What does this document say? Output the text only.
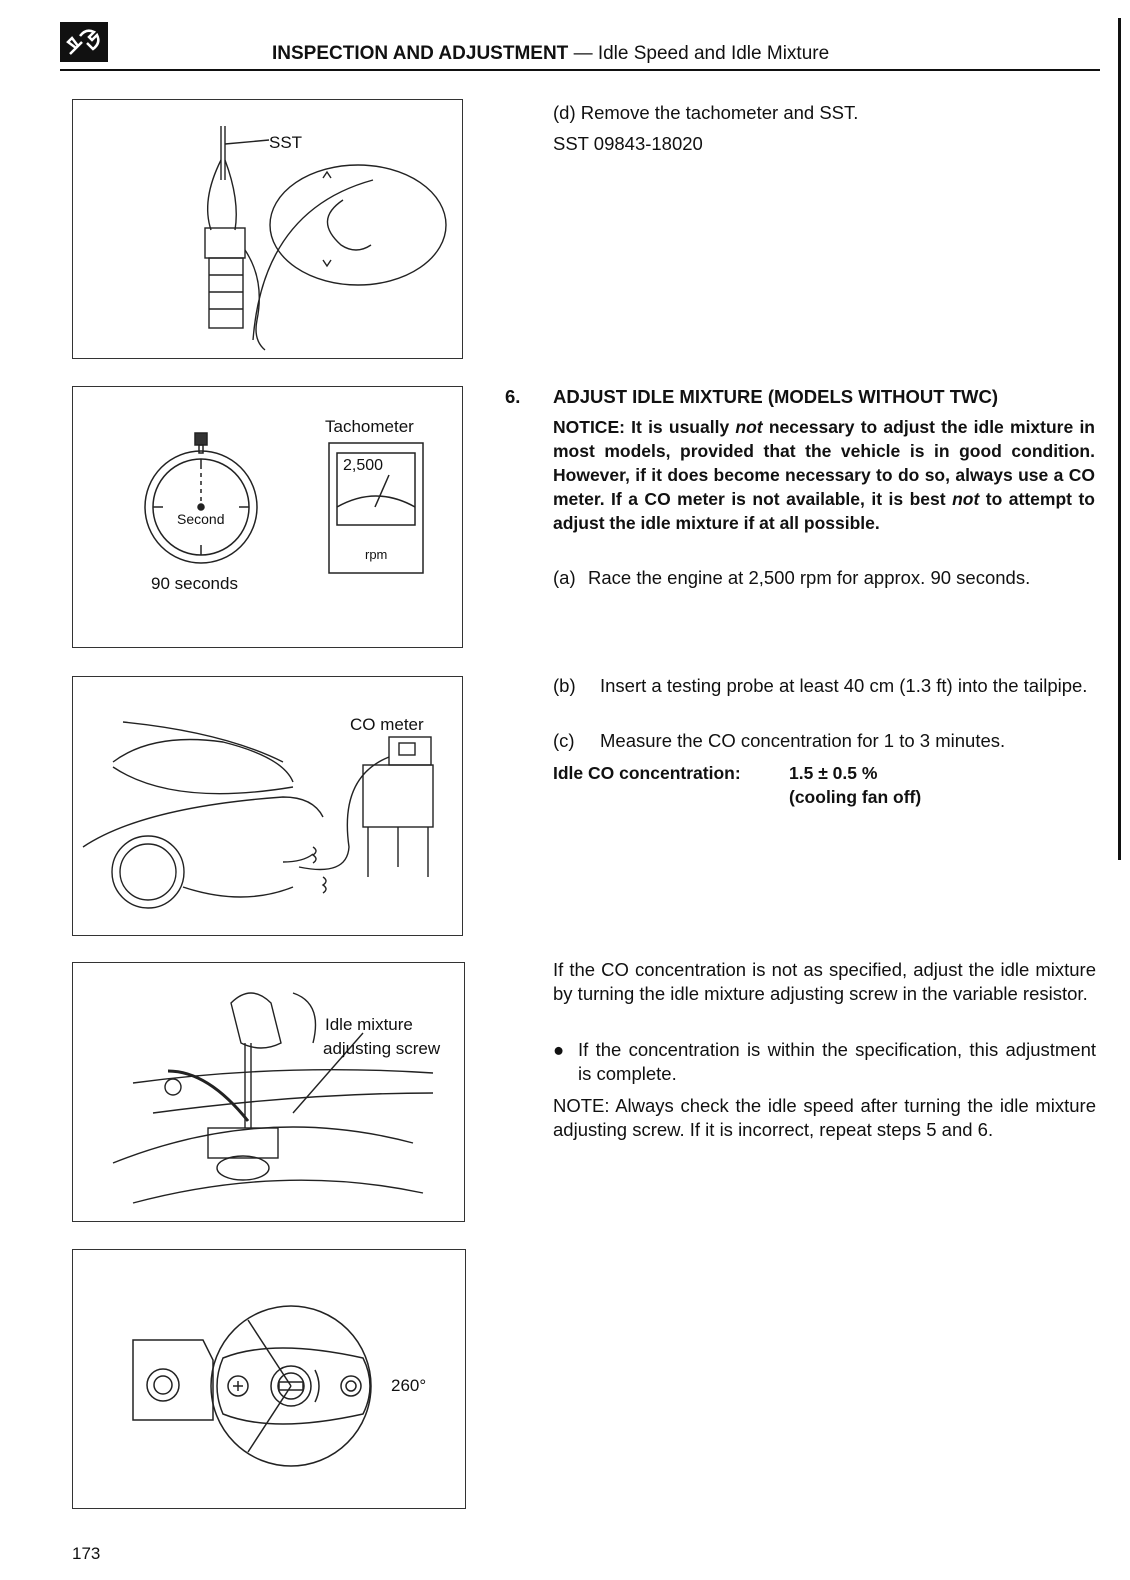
INSPECTION AND ADJUSTMENT — Idle Speed and Idle Mixture
SST
Tachometer
2,500
rpm
Second
90 seconds
CO meter
Idle mixture
adjusting screw
260°
(d) Remove the tachometer and SST.
SST 09843-18020
6. ADJUST IDLE MIXTURE (MODELS WITHOUT TWC)
NOTICE: It is usually not necessary to adjust the idle mixture in most models, provided that the vehicle is in good condition. However, if it does become necessary to do so, always use a CO meter. If a CO meter is not available, it is best not to attempt to adjust the idle mixture if at all possible.
(a) Race the engine at 2,500 rpm for approx. 90 seconds.
(b) Insert a testing probe at least 40 cm (1.3 ft) into the tailpipe.
(c) Measure the CO concentration for 1 to 3 minutes.
Idle CO concentration:	1.5 ± 0.5 %
(cooling fan off)
If the CO concentration is not as specified, adjust the idle mixture by turning the idle mixture adjusting screw in the variable resistor.
● If the concentration is within the specification, this adjustment is complete.
NOTE: Always check the idle speed after turning the idle mixture adjusting screw. If it is incorrect, repeat steps 5 and 6.
173
